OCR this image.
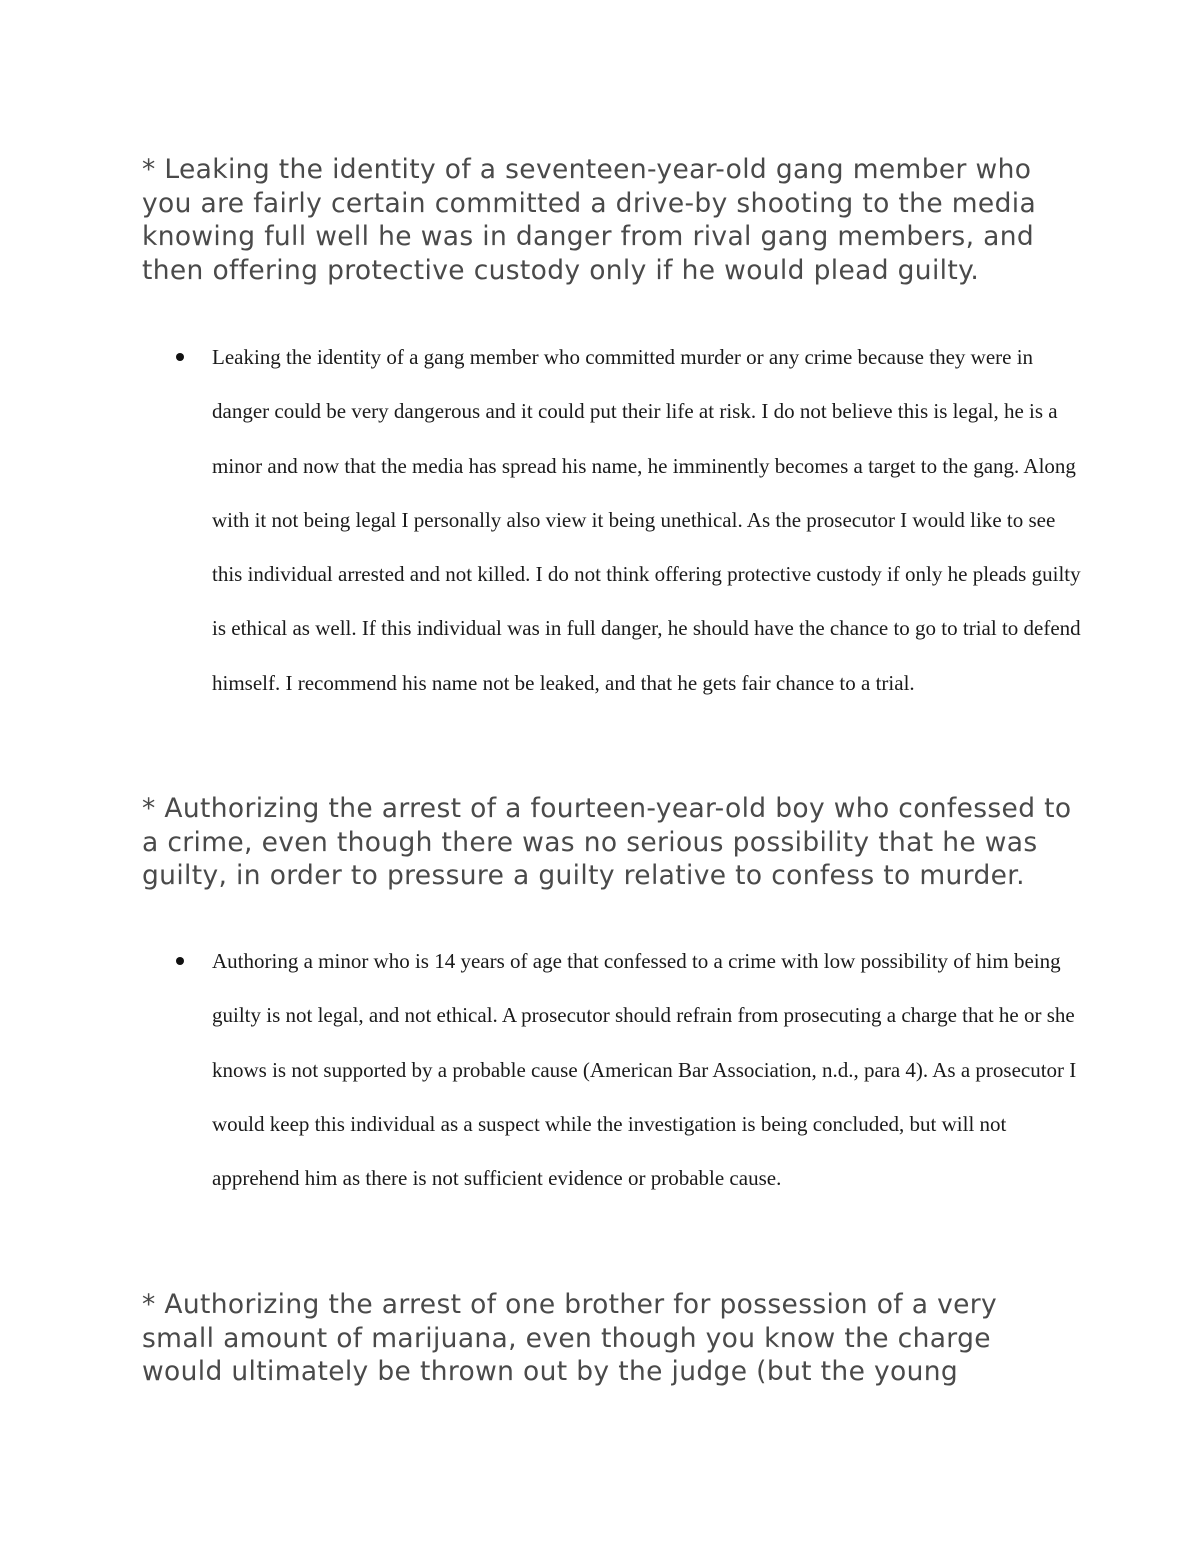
* Leaking the identity of a seventeen-year-old gang member who you are fairly certain committed a drive-by shooting to the media knowing full well he was in danger from rival gang members, and then offering protective custody only if he would plead guilty.

Leaking the identity of a gang member who committed murder or any crime because they were in danger could be very dangerous and it could put their life at risk. I do not believe this is legal, he is a minor and now that the media has spread his name, he imminently becomes a target to the gang. Along with it not being legal I personally also view it being unethical. As the prosecutor I would like to see this individual arrested and not killed. I do not think offering protective custody if only he pleads guilty is ethical as well. If this individual was in full danger, he should have the chance to go to trial to defend himself. I recommend his name not be leaked, and that he gets fair chance to a trial.

* Authorizing the arrest of a fourteen-year-old boy who confessed to a crime, even though there was no serious possibility that he was guilty, in order to pressure a guilty relative to confess to murder.

Authoring a minor who is 14 years of age that confessed to a crime with low possibility of him being guilty is not legal, and not ethical. A prosecutor should refrain from prosecuting a charge that he or she knows is not supported by a probable cause (American Bar Association, n.d., para 4). As a prosecutor I would keep this individual as a suspect while the investigation is being concluded, but will not apprehend him as there is not sufficient evidence or probable cause.

* Authorizing the arrest of one brother for possession of a very small amount of marijuana, even though you know the charge would ultimately be thrown out by the judge (but the young
